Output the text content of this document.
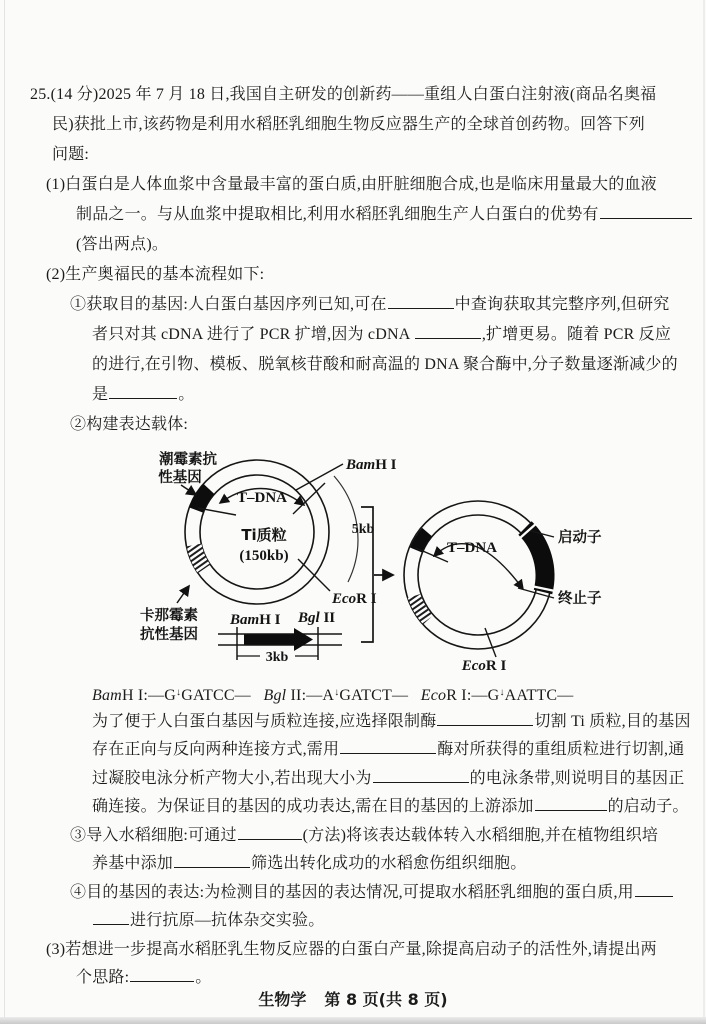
25.(14 分)2025 年 7 月 18 日,我国自主研发的创新药——重组人白蛋白注射液(商品名奥福
民)获批上市,该药物是利用水稻胚乳细胞生物反应器生产的全球首创药物。回答下列
问题:
(1)白蛋白是人体血浆中含量最丰富的蛋白质,由肝脏细胞合成,也是临床用量最大的血液
制品之一。与从血浆中提取相比,利用水稻胚乳细胞生产人白蛋白的优势有
(答出两点)。
(2)生产奥福民的基本流程如下:
①获取目的基因:人白蛋白基因序列已知,可在	中查询获取其完整序列,但研究
者只对其 cDNA 进行了 PCR 扩增,因为 cDNA	,扩增更易。随着 PCR 反应
的进行,在引物、模板、脱氧核苷酸和耐高温的 DNA 聚合酶中,分子数量逐渐减少的
是	。
②构建表达载体:
T–DNA
Ti质粒
(150kb)
BamH I
EcoR I
5kb
潮霉素抗
性基因
卡那霉素
抗性基因
BamH I Bgl II
3kb
T–DNA
启动子
终止子
EcoR I
BamH I:—G↓GATCC—   Bgl II:—A↓GATCT—   EcoR I:—G↓AATTC—
为了便于人白蛋白基因与质粒连接,应选择限制酶	切割 Ti 质粒,目的基因
存在正向与反向两种连接方式,需用	酶对所获得的重组质粒进行切割,通
过凝胶电泳分析产物大小,若出现大小为	的电泳条带,则说明目的基因正
确连接。为保证目的基因的成功表达,需在目的基因的上游添加	的启动子。
③导入水稻细胞:可通过	(方法)将该表达载体转入水稻细胞,并在植物组织培
养基中添加	筛选出转化成功的水稻愈伤组织细胞。
④目的基因的表达:为检测目的基因的表达情况,可提取水稻胚乳细胞的蛋白质,用
进行抗原—抗体杂交实验。
(3)若想进一步提高水稻胚乳生物反应器的白蛋白产量,除提高启动子的活性外,请提出两
个思路:	。
生物学 第 8 页(共 8 页)
